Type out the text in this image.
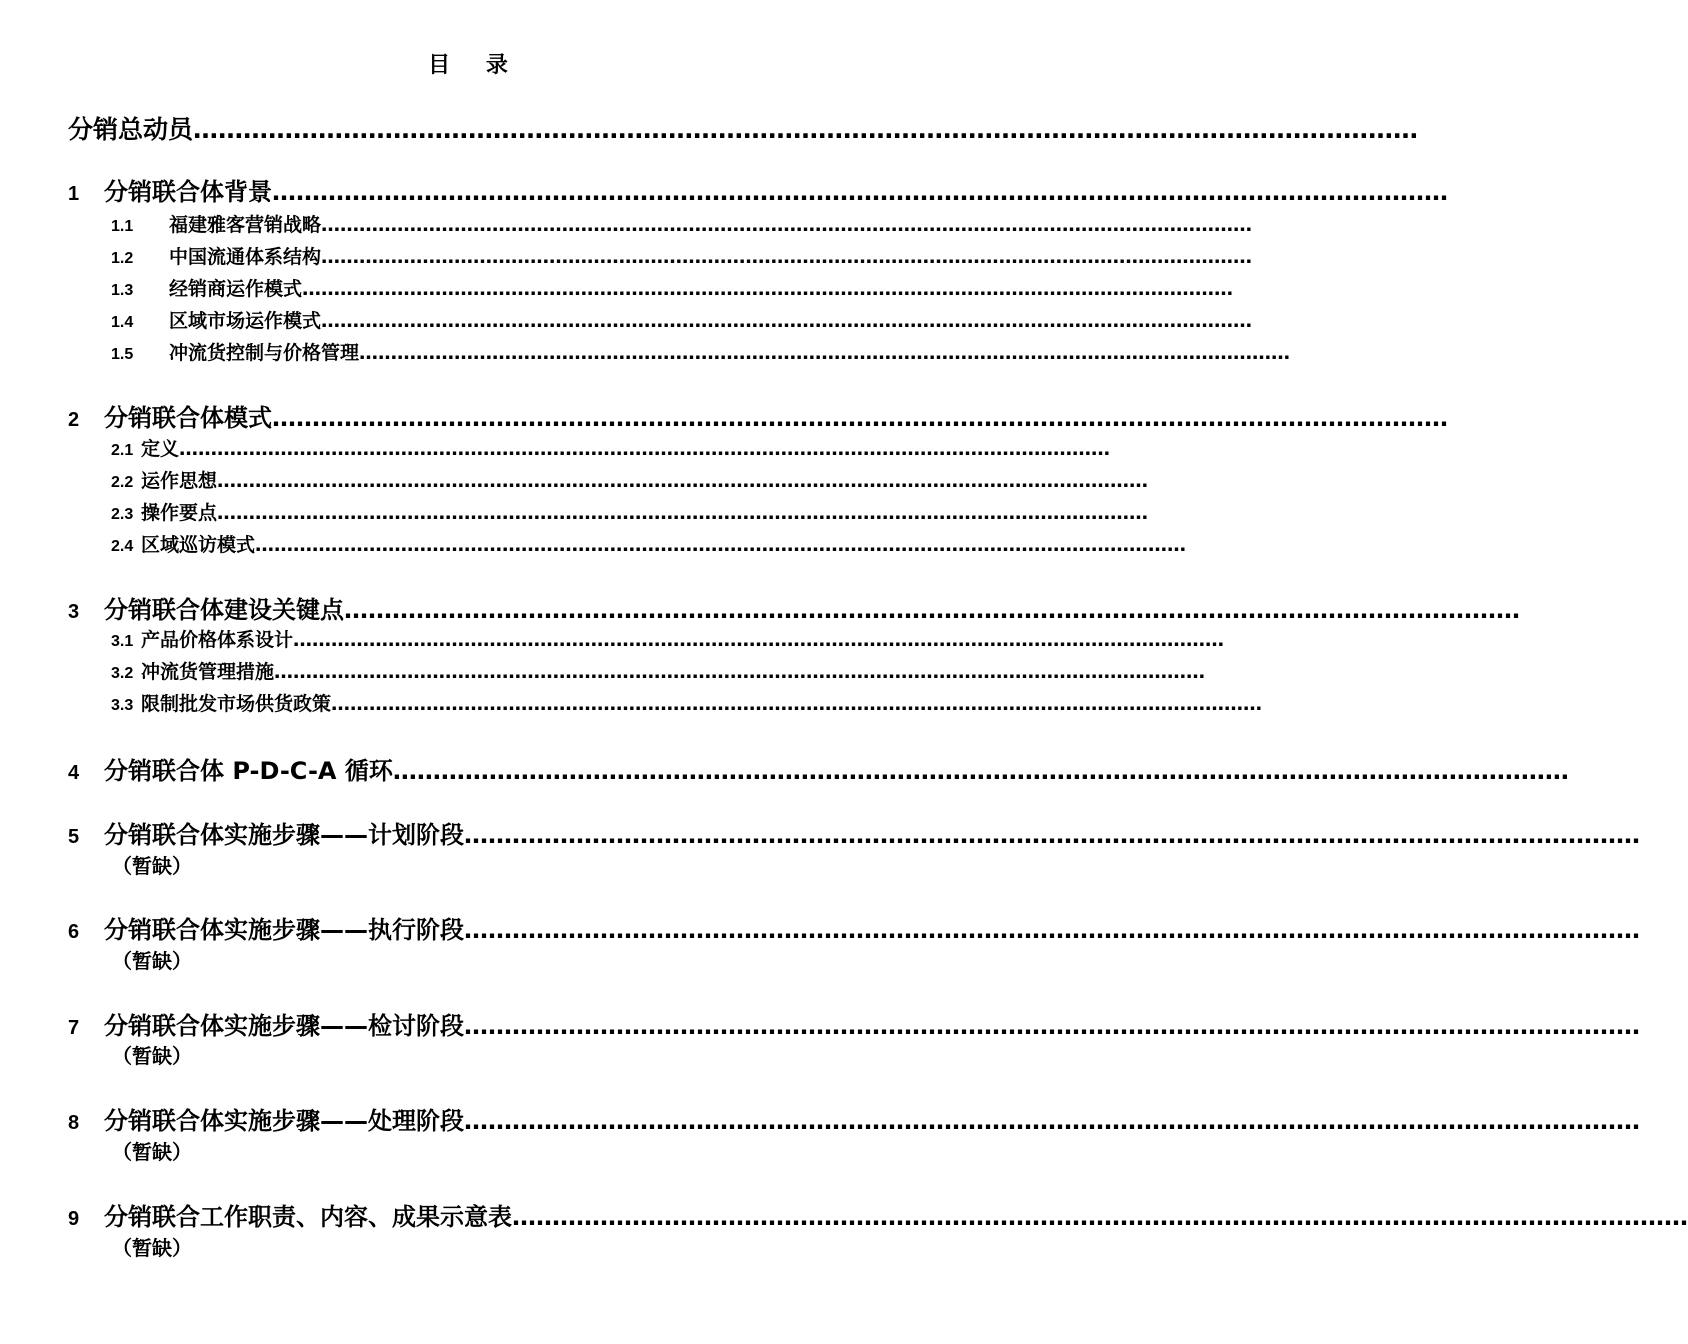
目 录
分销总动员 …………………………………………………………………………………………………………………………………
1	分销联合体背景 …………………………………………………………………………………………………………………………………
1.1	福建雅客营销战略 …………………………………………………………………………………………………………………………………
1.2	中国流通体系结构 …………………………………………………………………………………………………………………………………
1.3	经销商运作模式 …………………………………………………………………………………………………………………………………
1.4	区域市场运作模式 …………………………………………………………………………………………………………………………………
1.5	冲流货控制与价格管理 …………………………………………………………………………………………………………………………………
2	分销联合体模式 …………………………………………………………………………………………………………………………………
2.1 定义 …………………………………………………………………………………………………………………………………
2.2 运作思想 …………………………………………………………………………………………………………………………………
2.3 操作要点 …………………………………………………………………………………………………………………………………
2.4 区域巡访模式 …………………………………………………………………………………………………………………………………
3	分销联合体建设关键点 …………………………………………………………………………………………………………………………………
3.1 产品价格体系设计 …………………………………………………………………………………………………………………………………
3.2 冲流货管理措施 …………………………………………………………………………………………………………………………………
3.3 限制批发市场供货政策 …………………………………………………………………………………………………………………………………
4	分销联合体 P-D-C-A 循环 …………………………………………………………………………………………………………………………………
5	分销联合体实施步骤——计划阶段 …………………………………………………………………………………………………………………………………
（暂缺）
6	分销联合体实施步骤——执行阶段 …………………………………………………………………………………………………………………………………
（暂缺）
7	分销联合体实施步骤——检讨阶段 …………………………………………………………………………………………………………………………………
（暂缺）
8	分销联合体实施步骤——处理阶段 …………………………………………………………………………………………………………………………………
（暂缺）
9	分销联合工作职责、内容、成果示意表 …………………………………………………………………………………………………………………………………
（暂缺）
